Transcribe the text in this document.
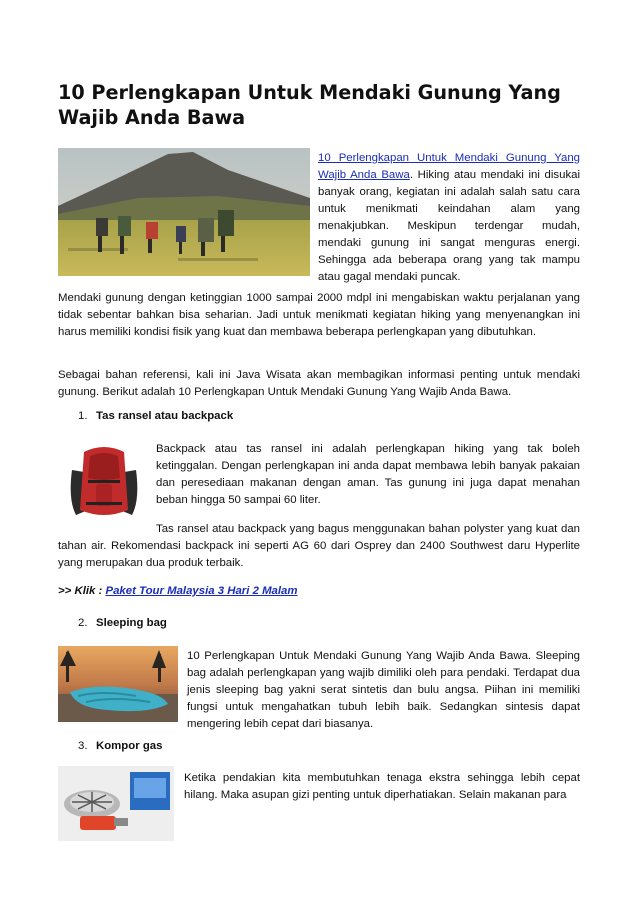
10 Perlengkapan Untuk Mendaki Gunung Yang Wajib Anda Bawa
10 Perlengkapan Untuk Mendaki Gunung Yang Wajib Anda Bawa. Hiking atau mendaki ini disukai banyak orang, kegiatan ini adalah salah satu cara untuk menikmati keindahan alam yang menakjubkan. Meskipun terdengar mudah, mendaki gunung ini sangat menguras energi. Sehingga ada beberapa orang yang tak mampu atau gagal mendaki puncak.
Mendaki gunung dengan ketinggian 1000 sampai 2000 mdpl ini mengabiskan waktu perjalanan yang tidak sebentar bahkan bisa seharian. Jadi untuk menikmati kegiatan hiking yang menyenangkan ini harus memiliki kondisi fisik yang kuat dan membawa beberapa perlengkapan yang dibutuhkan.
Sebagai bahan referensi, kali ini Java Wisata akan membagikan informasi penting untuk mendaki gunung. Berikut adalah 10 Perlengkapan Untuk Mendaki Gunung Yang Wajib Anda Bawa.
1. Tas ransel atau backpack
Backpack atau tas ransel ini adalah perlengkapan hiking yang tak boleh ketinggalan. Dengan perlengkapan ini anda dapat membawa lebih banyak pakaian dan peresediaan makanan dengan aman. Tas gunung ini juga dapat menahan beban hingga 50 sampai 60 liter.
Tas ransel atau backpack yang bagus menggunakan bahan polyster yang kuat dan tahan air. Rekomendasi backpack ini seperti AG 60 dari Osprey dan 2400 Southwest daru Hyperlite yang merupakan dua produk terbaik.
>> Klik : Paket Tour Malaysia 3 Hari 2 Malam
2. Sleeping bag
10 Perlengkapan Untuk Mendaki Gunung Yang Wajib Anda Bawa. Sleeping bag adalah perlengkapan yang wajib dimiliki oleh para pendaki. Terdapat dua jenis sleeping bag yakni serat sintetis dan bulu angsa. Piihan ini memiliki fungsi untuk mengahatkan tubuh lebih baik. Sedangkan sintesis dapat mengering lebih cepat dari biasanya.
3. Kompor gas
Ketika pendakian kita membutuhkan tenaga ekstra sehingga lebih cepat hilang. Maka asupan gizi penting untuk diperhatiakan. Selain makanan para
